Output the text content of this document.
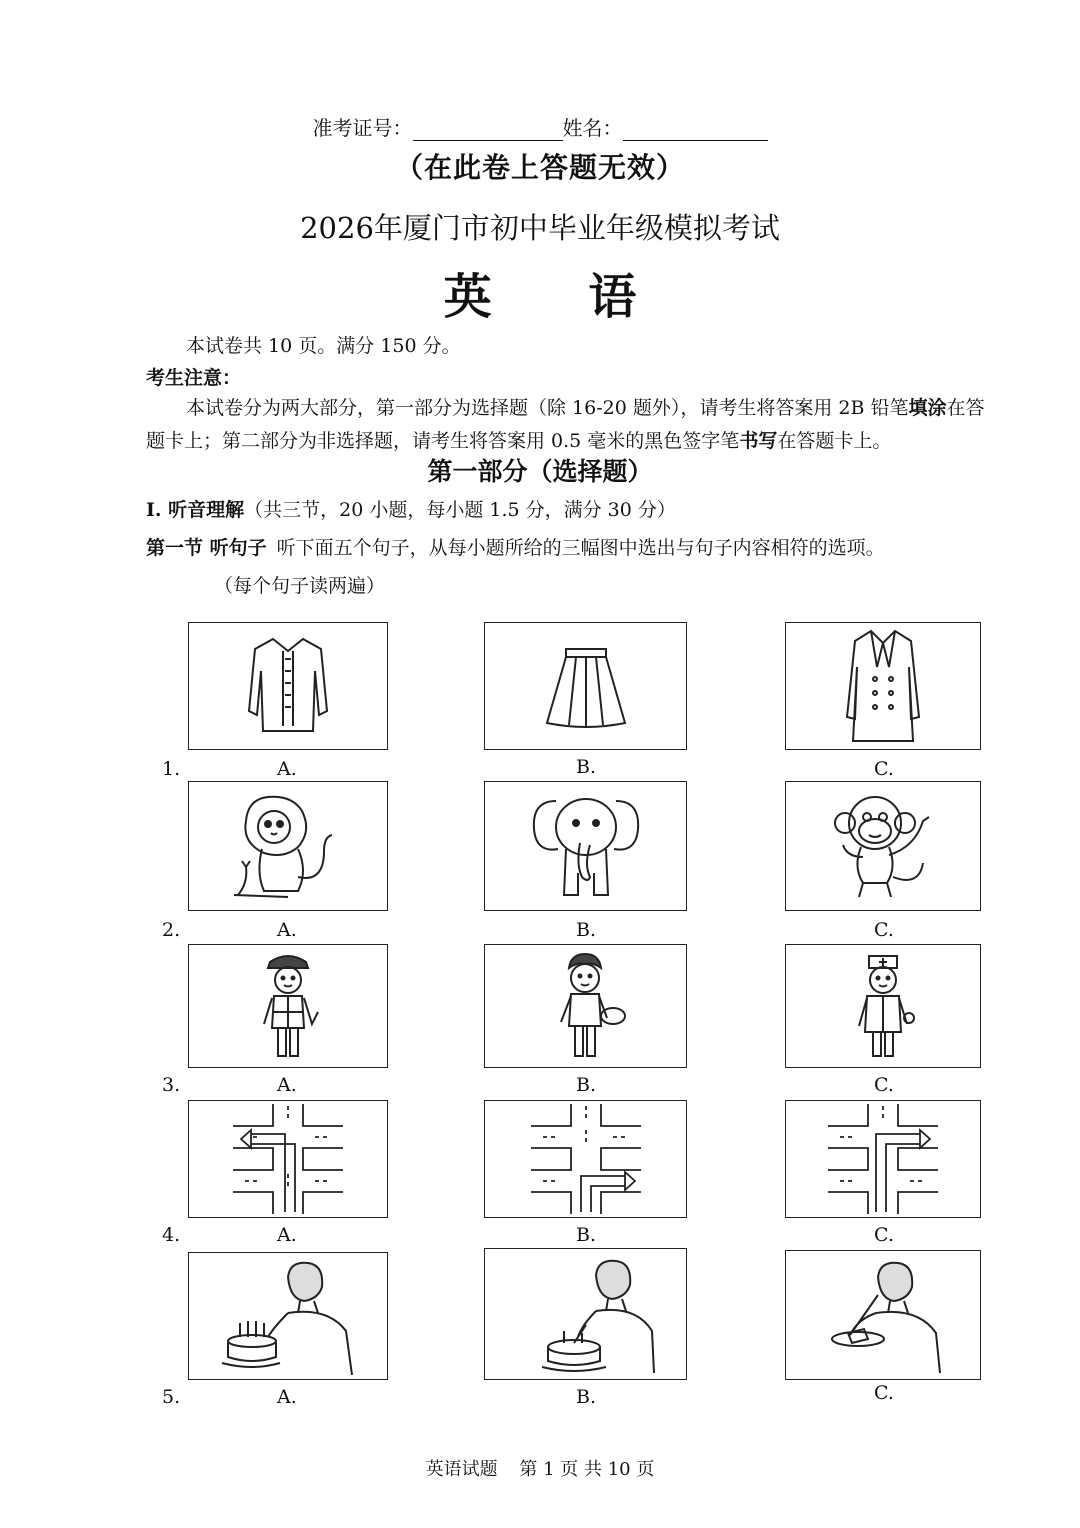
准考证号：	姓名：
（在此卷上答题无效）
2026年厦门市初中毕业年级模拟考试
英 语
本试卷共 10 页。满分 150 分。
考生注意：
本试卷分为两大部分，第一部分为选择题（除 16-20 题外），请考生将答案用 2B 铅笔填涂在答题卡上；第二部分为非选择题，请考生将答案用 0.5 毫米的黑色签字笔书写在答题卡上。
第一部分（选择题）
I. 听音理解（共三节，20 小题，每小题 1.5 分，满分 30 分）
第一节 听句子 听下面五个句子，从每小题所给的三幅图中选出与句子内容相符的选项。
（每个句子读两遍）
1.	A.	B.	C.
2.	A.	B.	C.
3.	A.	B.	C.
4.	A.	B.	C.
5.	A.	B.	C.
英语试题 第 1 页 共 10 页
